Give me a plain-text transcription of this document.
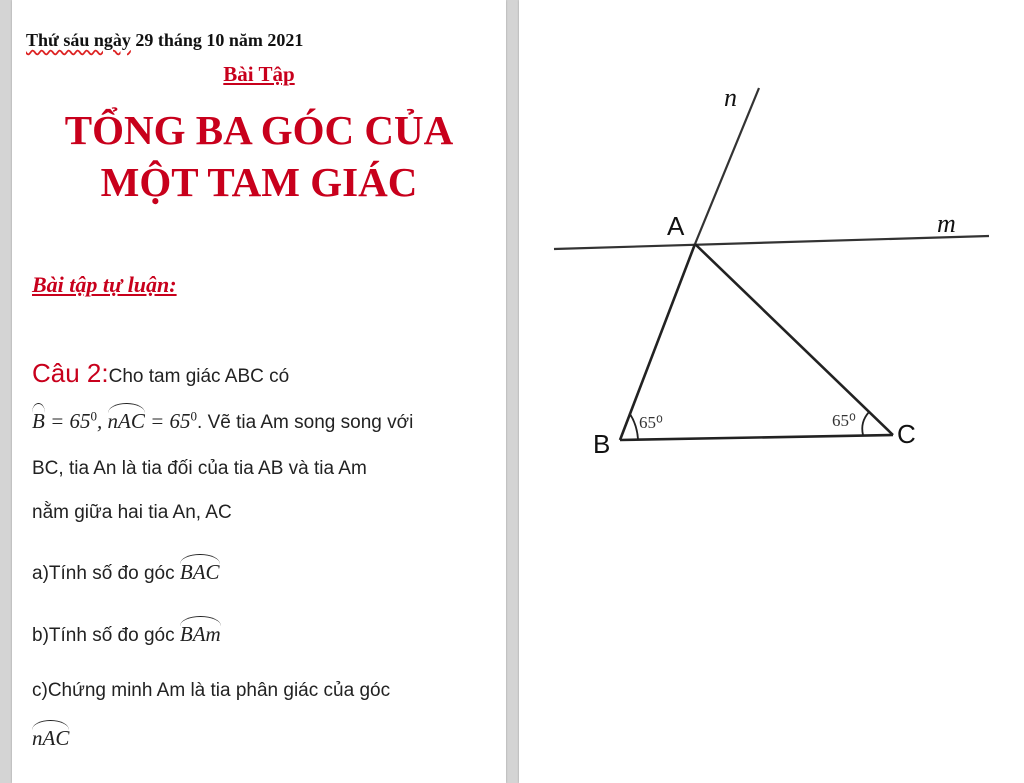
Thứ sáu ngày 29 tháng 10 năm 2021
Bài Tập
TỔNG BA GÓC CỦA
MỘT TAM GIÁC
Bài tập tự luận:
Câu 2:Cho tam giác ABC có
$B = 65^0$, nAC = $65^0$. Vẽ tia Am song song với
BC, tia An là tia đối của tia AB và tia Am
nằm giữa hai tia An, AC
a)Tính số đo góc BAC
b)Tính số đo góc BAm
c)Chứng minh Am là tia phân giác của góc
nAC
A
B	C
m
n
65⁰	65⁰
